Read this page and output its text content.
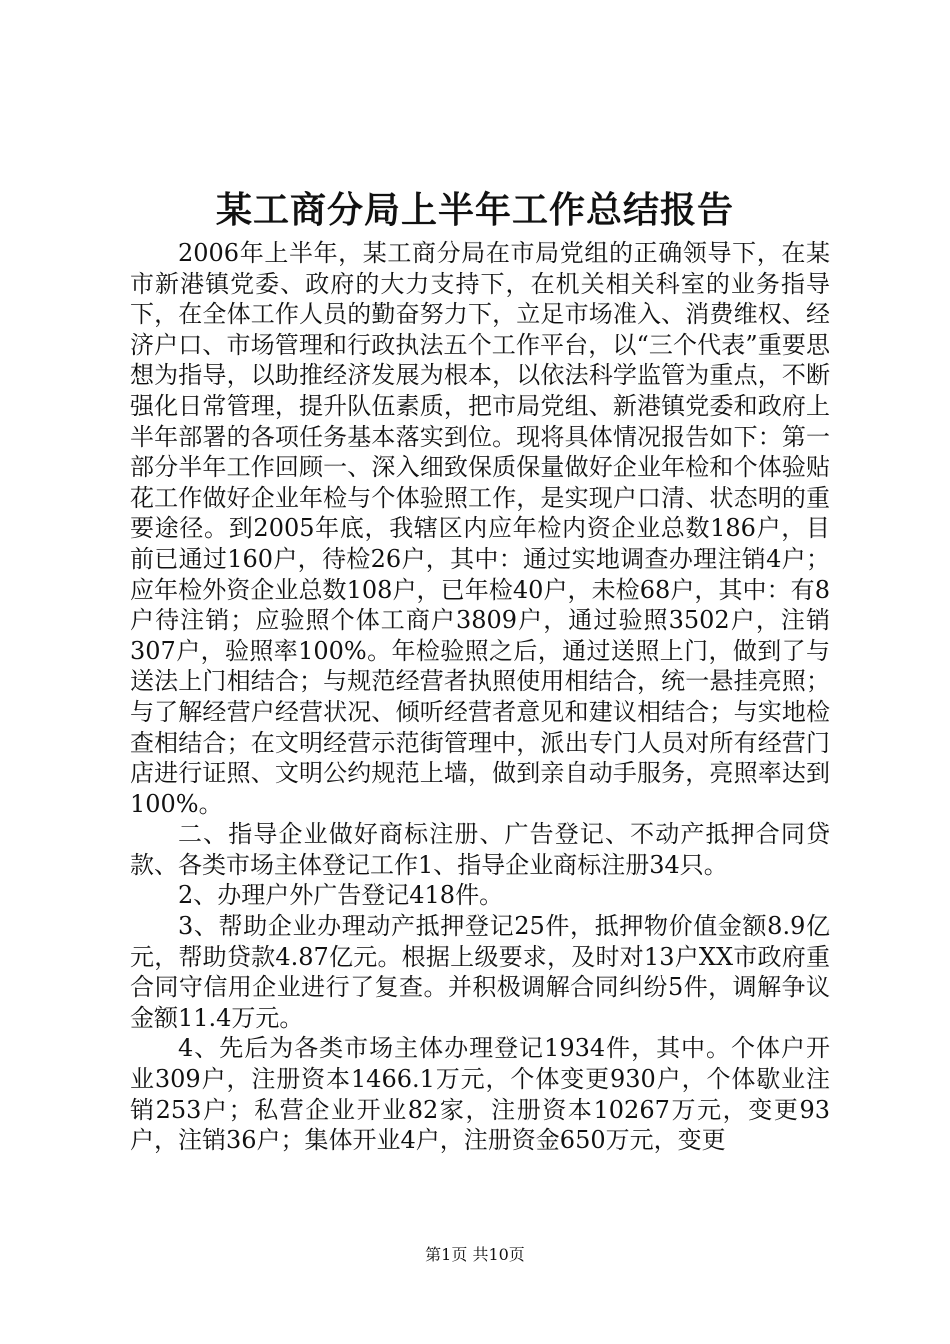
某工商分局上半年工作总结报告

2006年上半年，某工商分局在市局党组的正确领导下，在某市新港镇党委、政府的大力支持下，在机关相关科室的业务指导下，在全体工作人员的勤奋努力下，立足市场准入、消费维权、经济户口、市场管理和行政执法五个工作平台，以“三个代表”重要思想为指导，以助推经济发展为根本，以依法科学监管为重点，不断强化日常管理，提升队伍素质，把市局党组、新港镇党委和政府上半年部署的各项任务基本落实到位。现将具体情况报告如下：第一部分半年工作回顾一、深入细致保质保量做好企业年检和个体验贴花工作做好企业年检与个体验照工作，是实现户口清、状态明的重要途径。到2005年底，我辖区内应年检内资企业总数186户，目前已通过160户，待检26户，其中：通过实地调查办理注销4户；应年检外资企业总数108户，已年检40户，未检68户，其中：有8户待注销；应验照个体工商户3809户，通过验照3502户，注销307户，验照率100%。年检验照之后，通过送照上门，做到了与送法上门相结合；与规范经营者执照使用相结合，统一悬挂亮照；与了解经营户经营状况、倾听经营者意见和建议相结合；与实地检查相结合；在文明经营示范街管理中，派出专门人员对所有经营门店进行证照、文明公约规范上墙，做到亲自动手服务，亮照率达到100%。

二、指导企业做好商标注册、广告登记、不动产抵押合同贷款、各类市场主体登记工作1、指导企业商标注册34只。

2、办理户外广告登记418件。

3、帮助企业办理动产抵押登记25件，抵押物价值金额8.9亿元，帮助贷款4.87亿元。根据上级要求，及时对13户XX市政府重合同守信用企业进行了复查。并积极调解合同纠纷5件，调解争议金额11.4万元。

4、先后为各类市场主体办理登记1934件，其中。个体户开业309户，注册资本1466.1万元，个体变更930户，个体歇业注销253户；私营企业开业82家，注册资本10267万元，变更93户，注销36户；集体开业4户，注册资金650万元，变更

第1页 共10页
